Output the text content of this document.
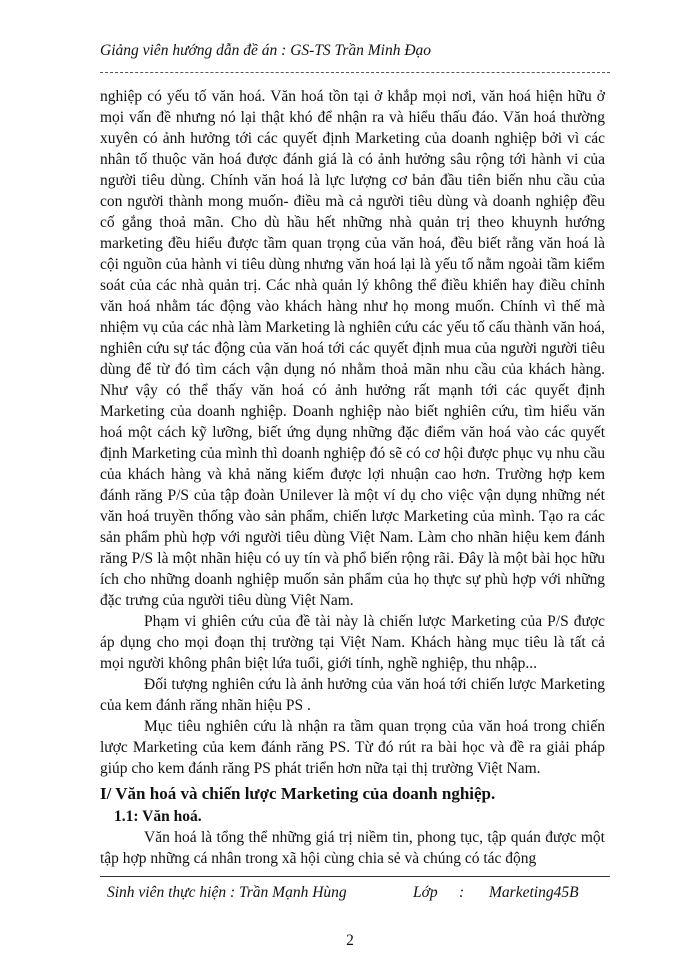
Giảng viên hướng dẫn đề án : GS-TS Trần Minh Đạo

nghiệp có yếu tố văn hoá. Văn hoá tồn tại ở khắp mọi nơi, văn hoá hiện hữu ở mọi vấn đề nhưng nó lại thật khó để nhận ra và hiểu thấu đáo. Văn hoá thường xuyên có ảnh hưởng tới các quyết định Marketing của doanh nghiệp bởi vì các nhân tố thuộc văn hoá được đánh giá là có ảnh hưởng sâu rộng tới hành vi của người tiêu dùng. Chính văn hoá là lực lượng cơ bản đầu tiên biến nhu cầu của con người thành mong muốn- điều mà cả người tiêu dùng và doanh nghiệp đều cố gắng thoả mãn. Cho dù hầu hết những nhà quản trị theo khuynh hướng marketing đều hiểu được tầm quan trọng của văn hoá, đều biết rằng văn hoá là cội nguồn của hành vi tiêu dùng nhưng văn hoá lại là yếu tố nằm ngoài tầm kiểm soát của các nhà quản trị. Các nhà quản lý không thể điều khiển hay điều chỉnh văn hoá nhằm tác động vào khách hàng như họ mong muốn. Chính vì thế mà nhiệm vụ của các nhà làm Marketing là nghiên cứu các yếu tố cấu thành văn hoá, nghiên cứu sự tác động của văn hoá tới các quyết định mua của người người tiêu dùng để từ đó tìm cách vận dụng nó nhằm thoả mãn nhu cầu của khách hàng. Như vậy có thể thấy văn hoá có ảnh hưởng rất mạnh tới các quyết định Marketing của doanh nghiệp. Doanh nghiệp nào biết nghiên cứu, tìm hiểu văn hoá một cách kỹ lưỡng, biết ứng dụng những đặc điểm văn hoá vào các quyết định Marketing của mình thì doanh nghiệp đó sẽ có cơ hội được phục vụ nhu cầu của khách hàng và khả năng kiếm được lợi nhuận cao hơn. Trường hợp kem đánh răng P/S của tập đoàn Unilever là một ví dụ cho việc vận dụng những nét văn hoá truyền thống vào sản phẩm, chiến lược Marketing của mình. Tạo ra các sản phẩm phù hợp với người tiêu dùng Việt Nam. Làm cho nhãn hiệu kem đánh răng P/S là một nhãn hiệu có uy tín và phổ biến rộng rãi. Đây là một bài học hữu ích cho những doanh nghiệp muốn sản phẩm của họ thực sự phù hợp với những đặc trưng của người tiêu dùng Việt Nam.

Phạm vi ghiên cứu của đề tài này là chiến lược Marketing của P/S được áp dụng cho mọi đoạn thị trường tại Việt Nam. Khách hàng mục tiêu là tất cả mọi người không phân biệt lứa tuổi, giới tính, nghề nghiệp, thu nhập...

Đối tượng nghiên cứu là ảnh hưởng của văn hoá tới chiến lược Marketing của kem đánh răng nhãn hiệu PS .

Mục tiêu nghiên cứu là nhận ra tầm quan trọng của văn hoá trong chiến lược Marketing của kem đánh răng PS. Từ đó rút ra bài học và đề ra giải pháp giúp cho kem đánh răng PS phát triển hơn nữa tại thị trường Việt Nam.

I/ Văn hoá và chiến lược Marketing của doanh nghiệp.
1.1: Văn hoá.

Văn hoá là tổng thể những giá trị niềm tin, phong tục, tập quán được một tập hợp những cá nhân trong xã hội cùng chia sẻ và chúng có tác động

Sinh viên thực hiện : Trần Mạnh Hùng	Lớp : Marketing45B
2
